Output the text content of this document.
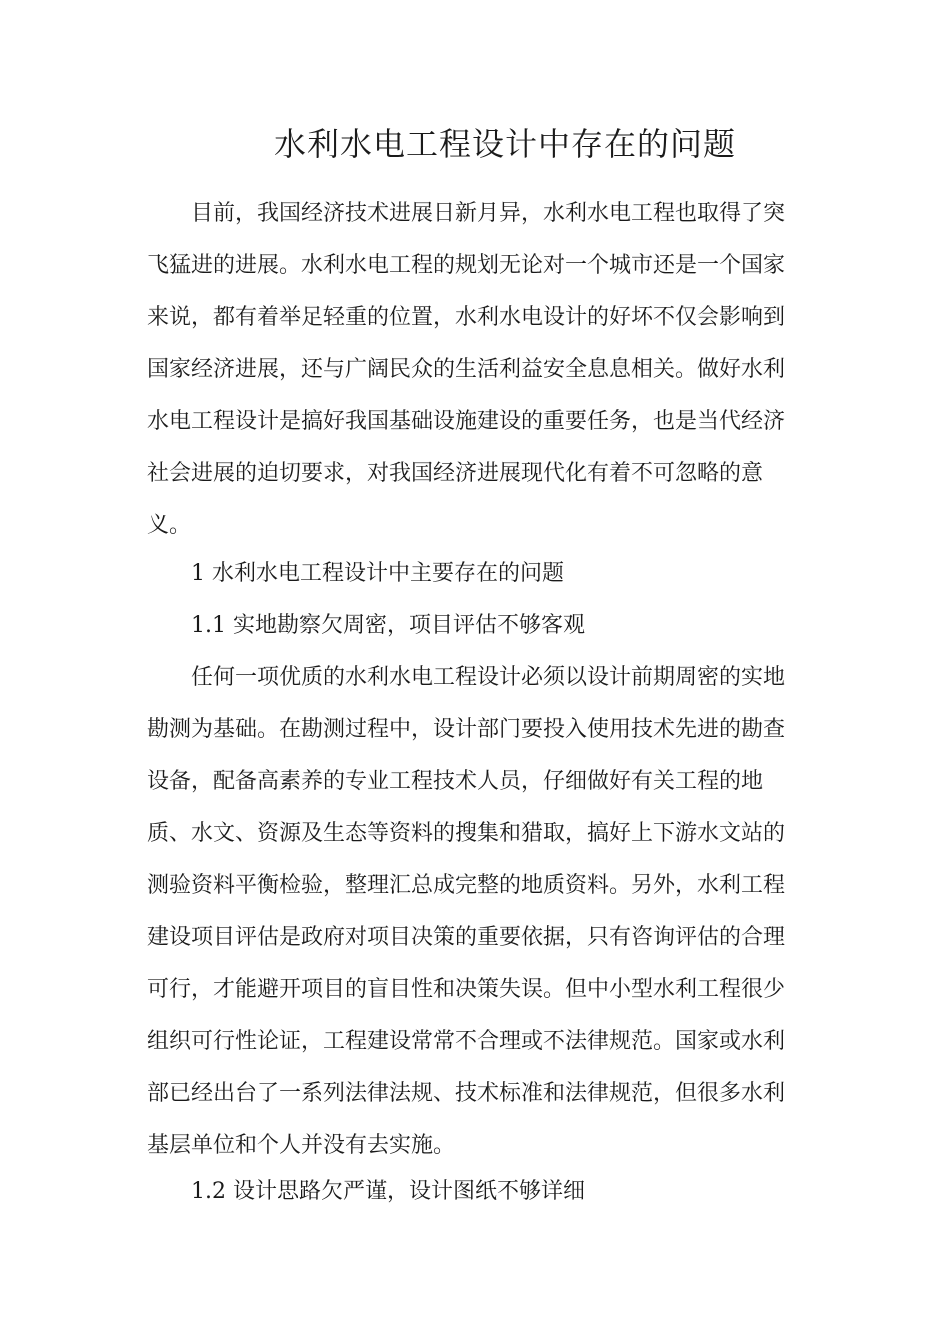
水利水电工程设计中存在的问题
目前，我国经济技术进展日新月异，水利水电工程也取得了突
飞猛进的进展。水利水电工程的规划无论对一个城市还是一个国家
来说，都有着举足轻重的位置，水利水电设计的好坏不仅会影响到
国家经济进展，还与广阔民众的生活利益安全息息相关。做好水利
水电工程设计是搞好我国基础设施建设的重要任务，也是当代经济
社会进展的迫切要求，对我国经济进展现代化有着不可忽略的意
义。
1 水利水电工程设计中主要存在的问题
1.1 实地勘察欠周密，项目评估不够客观
任何一项优质的水利水电工程设计必须以设计前期周密的实地
勘测为基础。在勘测过程中，设计部门要投入使用技术先进的勘查
设备，配备高素养的专业工程技术人员，仔细做好有关工程的地
质、水文、资源及生态等资料的搜集和猎取，搞好上下游水文站的
测验资料平衡检验，整理汇总成完整的地质资料。另外，水利工程
建设项目评估是政府对项目决策的重要依据，只有咨询评估的合理
可行，才能避开项目的盲目性和决策失误。但中小型水利工程很少
组织可行性论证，工程建设常常不合理或不法律规范。国家或水利
部已经出台了一系列法律法规、技术标准和法律规范，但很多水利
基层单位和个人并没有去实施。
1.2 设计思路欠严谨，设计图纸不够详细
